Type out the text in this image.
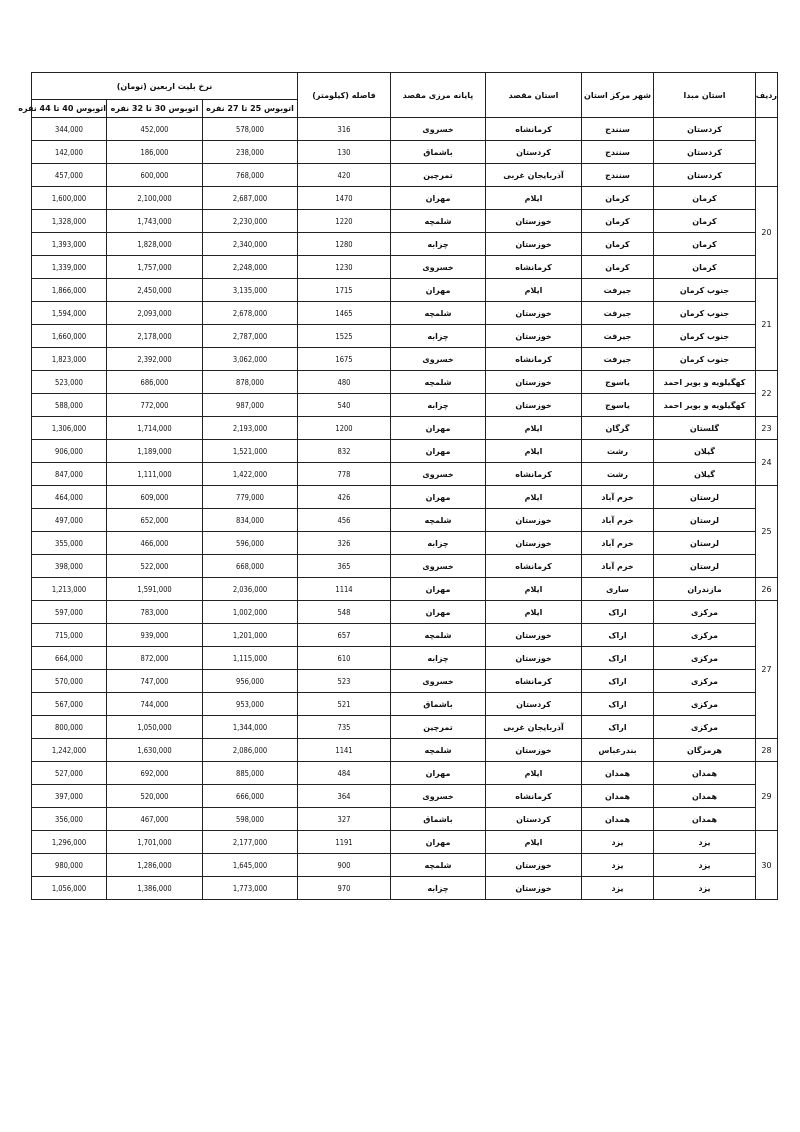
ردیف	استان مبدا	شهر مرکز استان	استان مقصد	پایانه مرزی مقصد	فاصله (کیلومتر)	نرخ بلیت اربعین (تومان)		
						اتوبوس 25 تا 27 نفره	اتوبوس 30 تا 32 نفره	اتوبوس 40 تا 44 نفره
	کردستان	سنندج	کرمانشاه	خسروی	316	578,000	452,000	344,000
	کردستان	سنندج	کردستان	باشماق	130	238,000	186,000	142,000
	کردستان	سنندج	آذربایجان غربی	تمرچین	420	768,000	600,000	457,000
20	کرمان	کرمان	ایلام	مهران	1470	2,687,000	2,100,000	1,600,000
	کرمان	کرمان	خوزستان	شلمچه	1220	2,230,000	1,743,000	1,328,000
	کرمان	کرمان	خوزستان	چزابه	1280	2,340,000	1,828,000	1,393,000
	کرمان	کرمان	کرمانشاه	خسروی	1230	2,248,000	1,757,000	1,339,000
21	جنوب کرمان	جیرفت	ایلام	مهران	1715	3,135,000	2,450,000	1,866,000
	جنوب کرمان	جیرفت	خوزستان	شلمچه	1465	2,678,000	2,093,000	1,594,000
	جنوب کرمان	جیرفت	خوزستان	چزابه	1525	2,787,000	2,178,000	1,660,000
	جنوب کرمان	جیرفت	کرمانشاه	خسروی	1675	3,062,000	2,392,000	1,823,000
22	کهگیلویه و بویر احمد	یاسوج	خوزستان	شلمچه	480	878,000	686,000	523,000
	کهگیلویه و بویر احمد	یاسوج	خوزستان	چزابه	540	987,000	772,000	588,000
23	گلستان	گرگان	ایلام	مهران	1200	2,193,000	1,714,000	1,306,000
24	گیلان	رشت	ایلام	مهران	832	1,521,000	1,189,000	906,000
	گیلان	رشت	کرمانشاه	خسروی	778	1,422,000	1,111,000	847,000
25	لرستان	خرم آباد	ایلام	مهران	426	779,000	609,000	464,000
	لرستان	خرم آباد	خوزستان	شلمچه	456	834,000	652,000	497,000
	لرستان	خرم آباد	خوزستان	چزابه	326	596,000	466,000	355,000
	لرستان	خرم آباد	کرمانشاه	خسروی	365	668,000	522,000	398,000
26	مازندران	ساری	ایلام	مهران	1114	2,036,000	1,591,000	1,213,000
27	مرکزی	اراک	ایلام	مهران	548	1,002,000	783,000	597,000
	مرکزی	اراک	خوزستان	شلمچه	657	1,201,000	939,000	715,000
	مرکزی	اراک	خوزستان	چزابه	610	1,115,000	872,000	664,000
	مرکزی	اراک	کرمانشاه	خسروی	523	956,000	747,000	570,000
	مرکزی	اراک	کردستان	باشماق	521	953,000	744,000	567,000
	مرکزی	اراک	آذربایجان غربی	تمرچین	735	1,344,000	1,050,000	800,000
28	هرمزگان	بندرعباس	خوزستان	شلمچه	1141	2,086,000	1,630,000	1,242,000
29	همدان	همدان	ایلام	مهران	484	885,000	692,000	527,000
	همدان	همدان	کرمانشاه	خسروی	364	666,000	520,000	397,000
	همدان	همدان	کردستان	باشماق	327	598,000	467,000	356,000
30	یزد	یزد	ایلام	مهران	1191	2,177,000	1,701,000	1,296,000
	یزد	یزد	خوزستان	شلمچه	900	1,645,000	1,286,000	980,000
	یزد	یزد	خوزستان	چزابه	970	1,773,000	1,386,000	1,056,000
